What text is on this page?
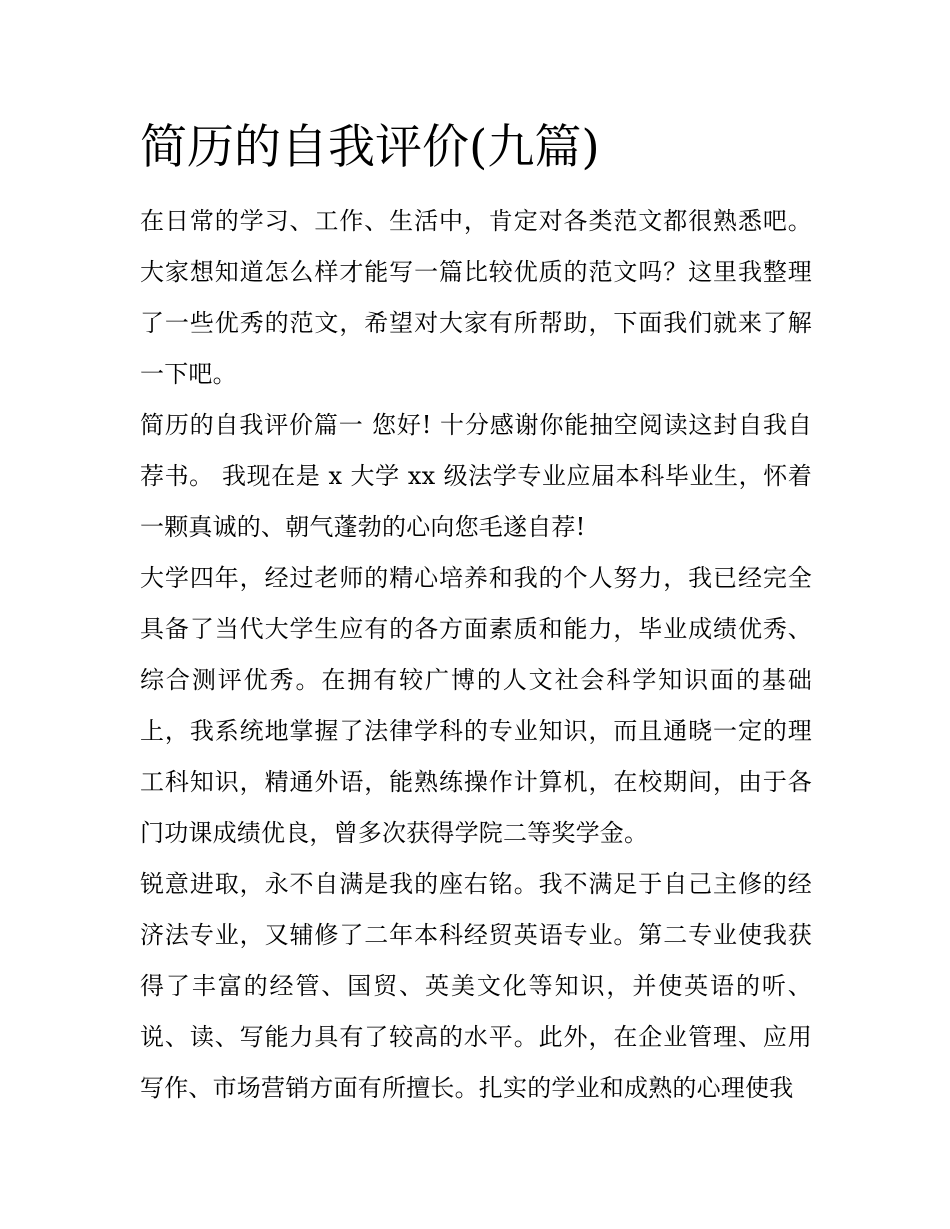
简历的自我评价(九篇)

在日常的学习、工作、生活中，肯定对各类范文都很熟悉吧。大家想知道怎么样才能写一篇比较优质的范文吗？这里我整理了一些优秀的范文，希望对大家有所帮助，下面我们就来了解一下吧。

简历的自我评价篇一 您好! 十分感谢你能抽空阅读这封自我自荐书。 我现在是 x 大学 xx 级法学专业应届本科毕业生，怀着一颗真诚的、朝气蓬勃的心向您毛遂自荐!

大学四年，经过老师的精心培养和我的个人努力，我已经完全具备了当代大学生应有的各方面素质和能力，毕业成绩优秀、综合测评优秀。在拥有较广博的人文社会科学知识面的基础上，我系统地掌握了法律学科的专业知识，而且通晓一定的理工科知识，精通外语，能熟练操作计算机，在校期间，由于各门功课成绩优良，曾多次获得学院二等奖学金。

锐意进取，永不自满是我的座右铭。我不满足于自己主修的经济法专业，又辅修了二年本科经贸英语专业。第二专业使我获得了丰富的经管、国贸、英美文化等知识，并使英语的听、说、读、写能力具有了较高的水平。此外，在企业管理、应用写作、市场营销方面有所擅长。扎实的学业和成熟的心理使我
